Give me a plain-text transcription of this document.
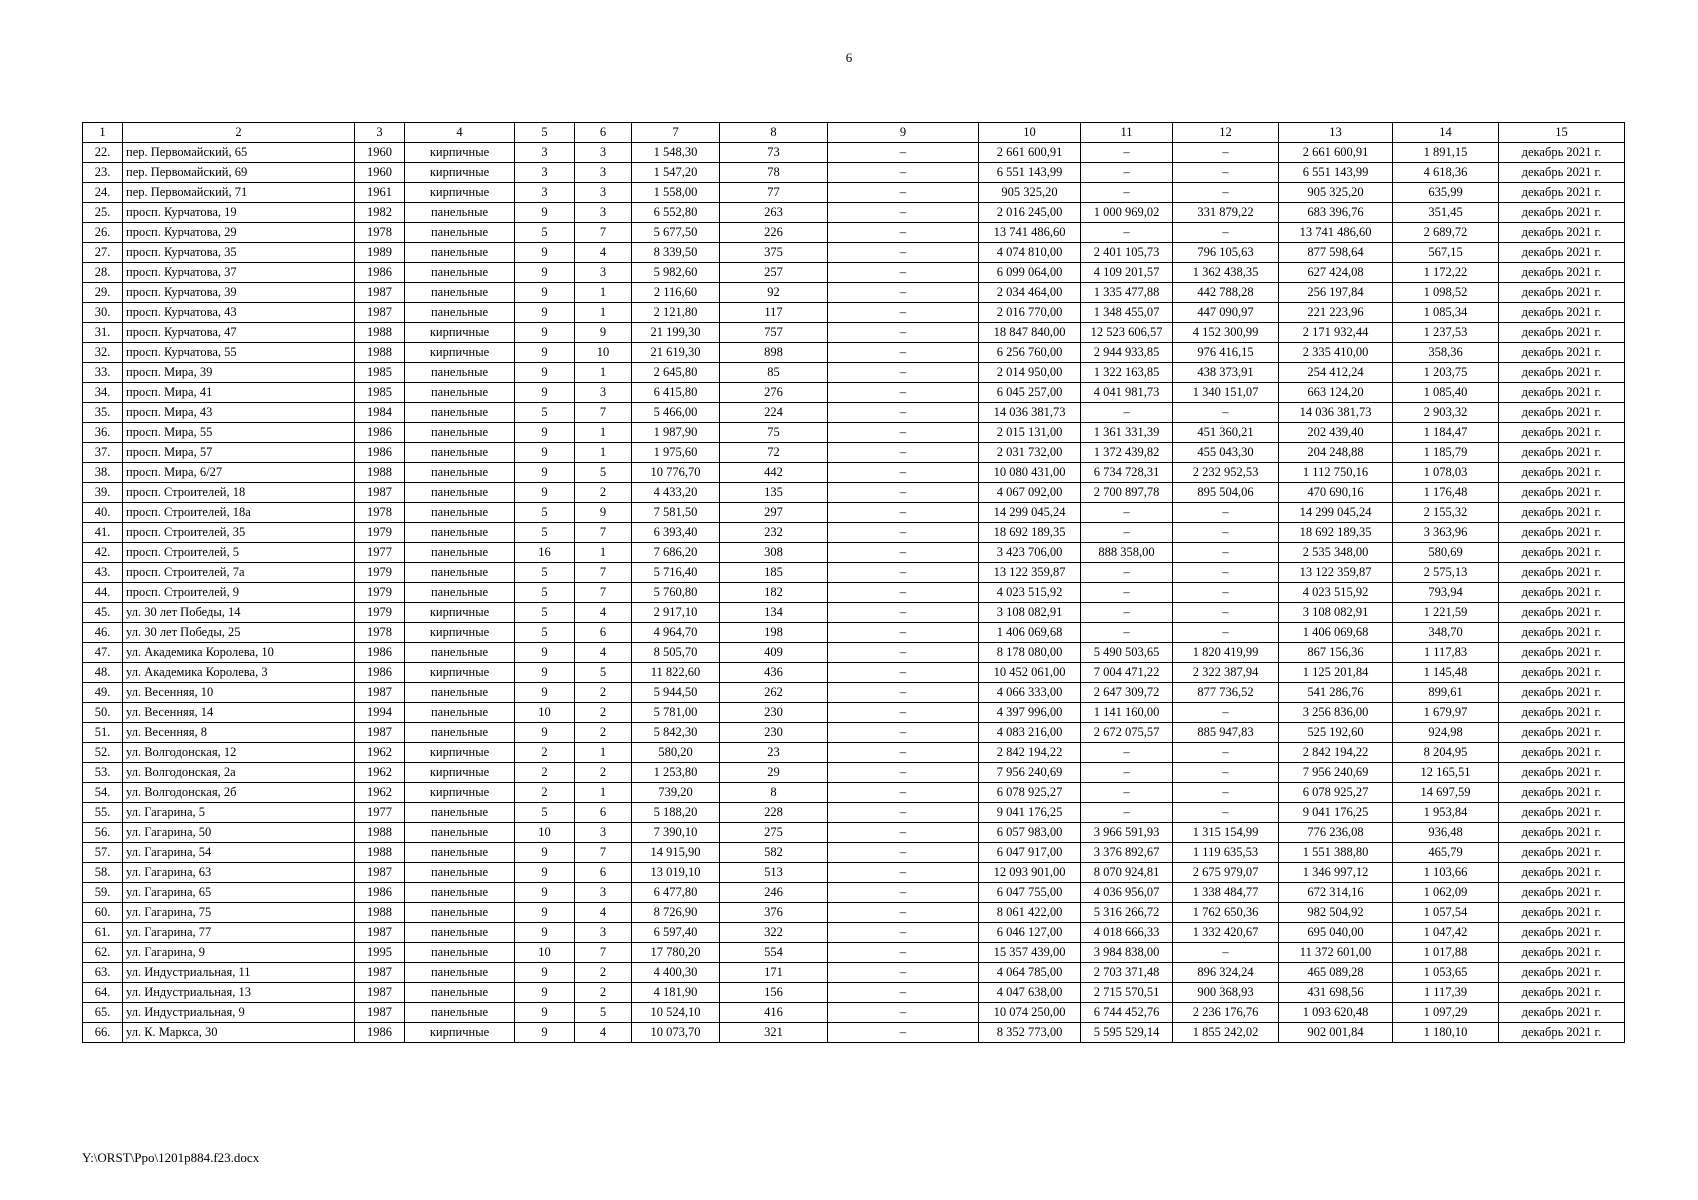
6
1	2	3	4	5	6	7	8	9	10	11	12	13	14	15
22.	пер. Первомайский, 65	1960	кирпичные	3	3	1 548,30	73	–	2 661 600,91	–	–	2 661 600,91	1 891,15	декабрь 2021 г.
23.	пер. Первомайский, 69	1960	кирпичные	3	3	1 547,20	78	–	6 551 143,99	–	–	6 551 143,99	4 618,36	декабрь 2021 г.
24.	пер. Первомайский, 71	1961	кирпичные	3	3	1 558,00	77	–	905 325,20	–	–	905 325,20	635,99	декабрь 2021 г.
25.	просп. Курчатова, 19	1982	панельные	9	3	6 552,80	263	–	2 016 245,00	1 000 969,02	331 879,22	683 396,76	351,45	декабрь 2021 г.
26.	просп. Курчатова, 29	1978	панельные	5	7	5 677,50	226	–	13 741 486,60	–	–	13 741 486,60	2 689,72	декабрь 2021 г.
27.	просп. Курчатова, 35	1989	панельные	9	4	8 339,50	375	–	4 074 810,00	2 401 105,73	796 105,63	877 598,64	567,15	декабрь 2021 г.
28.	просп. Курчатова, 37	1986	панельные	9	3	5 982,60	257	–	6 099 064,00	4 109 201,57	1 362 438,35	627 424,08	1 172,22	декабрь 2021 г.
29.	просп. Курчатова, 39	1987	панельные	9	1	2 116,60	92	–	2 034 464,00	1 335 477,88	442 788,28	256 197,84	1 098,52	декабрь 2021 г.
30.	просп. Курчатова, 43	1987	панельные	9	1	2 121,80	117	–	2 016 770,00	1 348 455,07	447 090,97	221 223,96	1 085,34	декабрь 2021 г.
31.	просп. Курчатова, 47	1988	кирпичные	9	9	21 199,30	757	–	18 847 840,00	12 523 606,57	4 152 300,99	2 171 932,44	1 237,53	декабрь 2021 г.
32.	просп. Курчатова, 55	1988	кирпичные	9	10	21 619,30	898	–	6 256 760,00	2 944 933,85	976 416,15	2 335 410,00	358,36	декабрь 2021 г.
33.	просп. Мира, 39	1985	панельные	9	1	2 645,80	85	–	2 014 950,00	1 322 163,85	438 373,91	254 412,24	1 203,75	декабрь 2021 г.
34.	просп. Мира, 41	1985	панельные	9	3	6 415,80	276	–	6 045 257,00	4 041 981,73	1 340 151,07	663 124,20	1 085,40	декабрь 2021 г.
35.	просп. Мира, 43	1984	панельные	5	7	5 466,00	224	–	14 036 381,73	–	–	14 036 381,73	2 903,32	декабрь 2021 г.
36.	просп. Мира, 55	1986	панельные	9	1	1 987,90	75	–	2 015 131,00	1 361 331,39	451 360,21	202 439,40	1 184,47	декабрь 2021 г.
37.	просп. Мира, 57	1986	панельные	9	1	1 975,60	72	–	2 031 732,00	1 372 439,82	455 043,30	204 248,88	1 185,79	декабрь 2021 г.
38.	просп. Мира, 6/27	1988	панельные	9	5	10 776,70	442	–	10 080 431,00	6 734 728,31	2 232 952,53	1 112 750,16	1 078,03	декабрь 2021 г.
39.	просп. Строителей, 18	1987	панельные	9	2	4 433,20	135	–	4 067 092,00	2 700 897,78	895 504,06	470 690,16	1 176,48	декабрь 2021 г.
40.	просп. Строителей, 18а	1978	панельные	5	9	7 581,50	297	–	14 299 045,24	–	–	14 299 045,24	2 155,32	декабрь 2021 г.
41.	просп. Строителей, 35	1979	панельные	5	7	6 393,40	232	–	18 692 189,35	–	–	18 692 189,35	3 363,96	декабрь 2021 г.
42.	просп. Строителей, 5	1977	панельные	16	1	7 686,20	308	–	3 423 706,00	888 358,00	–	2 535 348,00	580,69	декабрь 2021 г.
43.	просп. Строителей, 7а	1979	панельные	5	7	5 716,40	185	–	13 122 359,87	–	–	13 122 359,87	2 575,13	декабрь 2021 г.
44.	просп. Строителей, 9	1979	панельные	5	7	5 760,80	182	–	4 023 515,92	–	–	4 023 515,92	793,94	декабрь 2021 г.
45.	ул. 30 лет Победы, 14	1979	кирпичные	5	4	2 917,10	134	–	3 108 082,91	–	–	3 108 082,91	1 221,59	декабрь 2021 г.
46.	ул. 30 лет Победы, 25	1978	кирпичные	5	6	4 964,70	198	–	1 406 069,68	–	–	1 406 069,68	348,70	декабрь 2021 г.
47.	ул. Академика Королева, 10	1986	панельные	9	4	8 505,70	409	–	8 178 080,00	5 490 503,65	1 820 419,99	867 156,36	1 117,83	декабрь 2021 г.
48.	ул. Академика Королева, 3	1986	кирпичные	9	5	11 822,60	436	–	10 452 061,00	7 004 471,22	2 322 387,94	1 125 201,84	1 145,48	декабрь 2021 г.
49.	ул. Весенняя, 10	1987	панельные	9	2	5 944,50	262	–	4 066 333,00	2 647 309,72	877 736,52	541 286,76	899,61	декабрь 2021 г.
50.	ул. Весенняя, 14	1994	панельные	10	2	5 781,00	230	–	4 397 996,00	1 141 160,00	–	3 256 836,00	1 679,97	декабрь 2021 г.
51.	ул. Весенняя, 8	1987	панельные	9	2	5 842,30	230	–	4 083 216,00	2 672 075,57	885 947,83	525 192,60	924,98	декабрь 2021 г.
52.	ул. Волгодонская, 12	1962	кирпичные	2	1	580,20	23	–	2 842 194,22	–	–	2 842 194,22	8 204,95	декабрь 2021 г.
53.	ул. Волгодонская, 2а	1962	кирпичные	2	2	1 253,80	29	–	7 956 240,69	–	–	7 956 240,69	12 165,51	декабрь 2021 г.
54.	ул. Волгодонская, 2б	1962	кирпичные	2	1	739,20	8	–	6 078 925,27	–	–	6 078 925,27	14 697,59	декабрь 2021 г.
55.	ул. Гагарина, 5	1977	панельные	5	6	5 188,20	228	–	9 041 176,25	–	–	9 041 176,25	1 953,84	декабрь 2021 г.
56.	ул. Гагарина, 50	1988	панельные	10	3	7 390,10	275	–	6 057 983,00	3 966 591,93	1 315 154,99	776 236,08	936,48	декабрь 2021 г.
57.	ул. Гагарина, 54	1988	панельные	9	7	14 915,90	582	–	6 047 917,00	3 376 892,67	1 119 635,53	1 551 388,80	465,79	декабрь 2021 г.
58.	ул. Гагарина, 63	1987	панельные	9	6	13 019,10	513	–	12 093 901,00	8 070 924,81	2 675 979,07	1 346 997,12	1 103,66	декабрь 2021 г.
59.	ул. Гагарина, 65	1986	панельные	9	3	6 477,80	246	–	6 047 755,00	4 036 956,07	1 338 484,77	672 314,16	1 062,09	декабрь 2021 г.
60.	ул. Гагарина, 75	1988	панельные	9	4	8 726,90	376	–	8 061 422,00	5 316 266,72	1 762 650,36	982 504,92	1 057,54	декабрь 2021 г.
61.	ул. Гагарина, 77	1987	панельные	9	3	6 597,40	322	–	6 046 127,00	4 018 666,33	1 332 420,67	695 040,00	1 047,42	декабрь 2021 г.
62.	ул. Гагарина, 9	1995	панельные	10	7	17 780,20	554	–	15 357 439,00	3 984 838,00	–	11 372 601,00	1 017,88	декабрь 2021 г.
63.	ул. Индустриальная, 11	1987	панельные	9	2	4 400,30	171	–	4 064 785,00	2 703 371,48	896 324,24	465 089,28	1 053,65	декабрь 2021 г.
64.	ул. Индустриальная, 13	1987	панельные	9	2	4 181,90	156	–	4 047 638,00	2 715 570,51	900 368,93	431 698,56	1 117,39	декабрь 2021 г.
65.	ул. Индустриальная, 9	1987	панельные	9	5	10 524,10	416	–	10 074 250,00	6 744 452,76	2 236 176,76	1 093 620,48	1 097,29	декабрь 2021 г.
66.	ул. К. Маркса, 30	1986	кирпичные	9	4	10 073,70	321	–	8 352 773,00	5 595 529,14	1 855 242,02	902 001,84	1 180,10	декабрь 2021 г.
Y:\ORST\Ppo\1201p884.f23.docx
